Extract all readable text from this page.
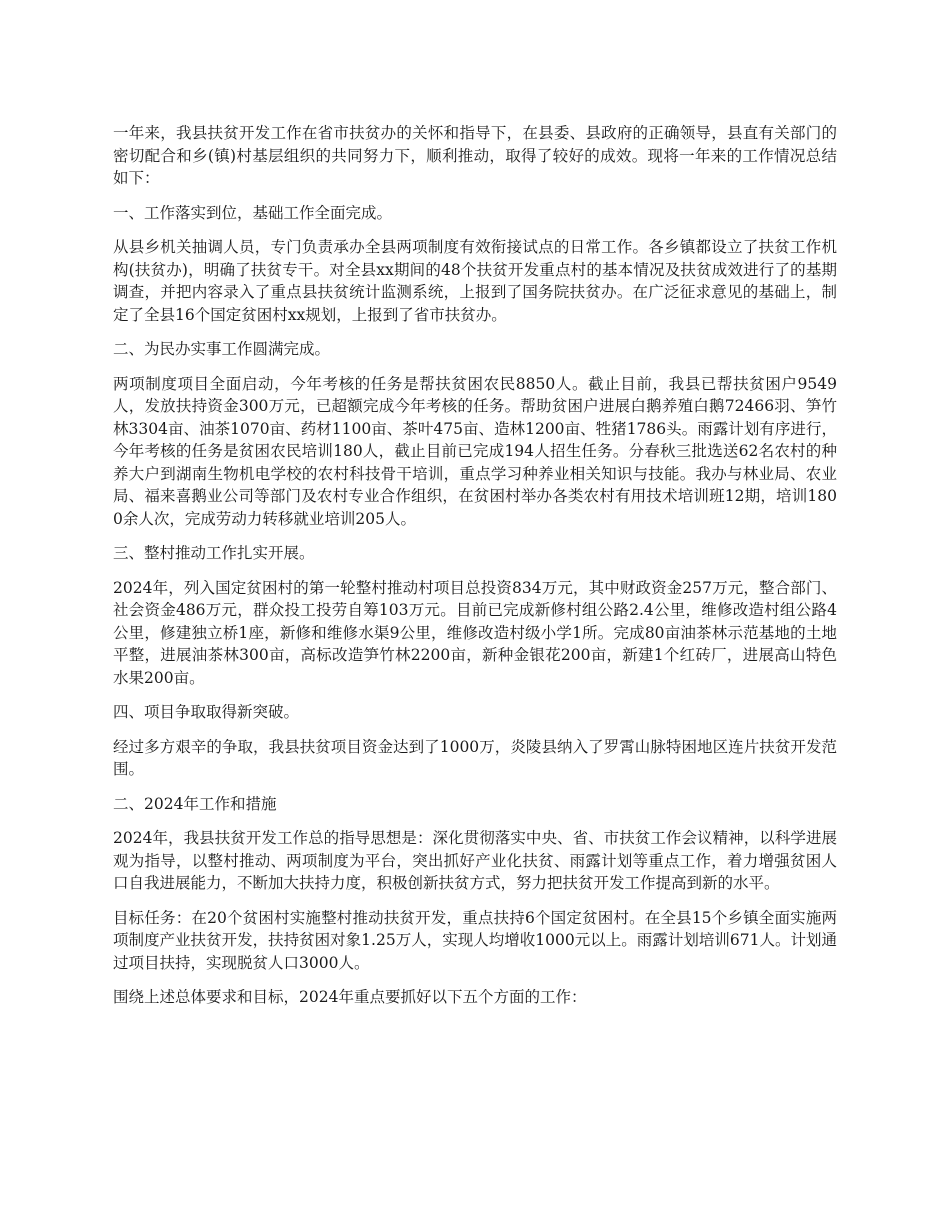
一年来，我县扶贫开发工作在省市扶贫办的关怀和指导下，在县委、县政府的正确领导，县直有关部门的密切配合和乡(镇)村基层组织的共同努力下，顺利推动，取得了较好的成效。现将一年来的工作情况总结如下：

一、工作落实到位，基础工作全面完成。

从县乡机关抽调人员，专门负责承办全县两项制度有效衔接试点的日常工作。各乡镇都设立了扶贫工作机构(扶贫办)，明确了扶贫专干。对全县xx期间的48个扶贫开发重点村的基本情况及扶贫成效进行了的基期调查，并把内容录入了重点县扶贫统计监测系统，上报到了国务院扶贫办。在广泛征求意见的基础上，制定了全县16个国定贫困村xx规划，上报到了省市扶贫办。

二、为民办实事工作圆满完成。

两项制度项目全面启动，今年考核的任务是帮扶贫困农民8850人。截止目前，我县已帮扶贫困户9549人，发放扶持资金300万元，已超额完成今年考核的任务。帮助贫困户进展白鹅养殖白鹅72466羽、笋竹林3304亩、油茶1070亩、药材1100亩、茶叶475亩、造林1200亩、牲猪1786头。雨露计划有序进行，今年考核的任务是贫困农民培训180人，截止目前已完成194人招生任务。分春秋三批选送62名农村的种养大户到湖南生物机电学校的农村科技骨干培训，重点学习种养业相关知识与技能。我办与林业局、农业局、福来喜鹅业公司等部门及农村专业合作组织，在贫困村举办各类农村有用技术培训班12期，培训1800余人次，完成劳动力转移就业培训205人。

三、整村推动工作扎实开展。

2024年，列入国定贫困村的第一轮整村推动村项目总投资834万元，其中财政资金257万元，整合部门、社会资金486万元，群众投工投劳自筹103万元。目前已完成新修村组公路2.4公里，维修改造村组公路4公里，修建独立桥1座，新修和维修水渠9公里，维修改造村级小学1所。完成80亩油茶林示范基地的土地平整，进展油茶林300亩，高标改造笋竹林2200亩，新种金银花200亩，新建1个红砖厂，进展高山特色水果200亩。

四、项目争取取得新突破。

经过多方艰辛的争取，我县扶贫项目资金达到了1000万，炎陵县纳入了罗霄山脉特困地区连片扶贫开发范围。

二、2024年工作和措施

2024年，我县扶贫开发工作总的指导思想是：深化贯彻落实中央、省、市扶贫工作会议精神，以科学进展观为指导，以整村推动、两项制度为平台，突出抓好产业化扶贫、雨露计划等重点工作，着力增强贫困人口自我进展能力，不断加大扶持力度，积极创新扶贫方式，努力把扶贫开发工作提高到新的水平。

目标任务：在20个贫困村实施整村推动扶贫开发，重点扶持6个国定贫困村。在全县15个乡镇全面实施两项制度产业扶贫开发，扶持贫困对象1.25万人，实现人均增收1000元以上。雨露计划培训671人。计划通过项目扶持，实现脱贫人口3000人。

围绕上述总体要求和目标，2024年重点要抓好以下五个方面的工作：
